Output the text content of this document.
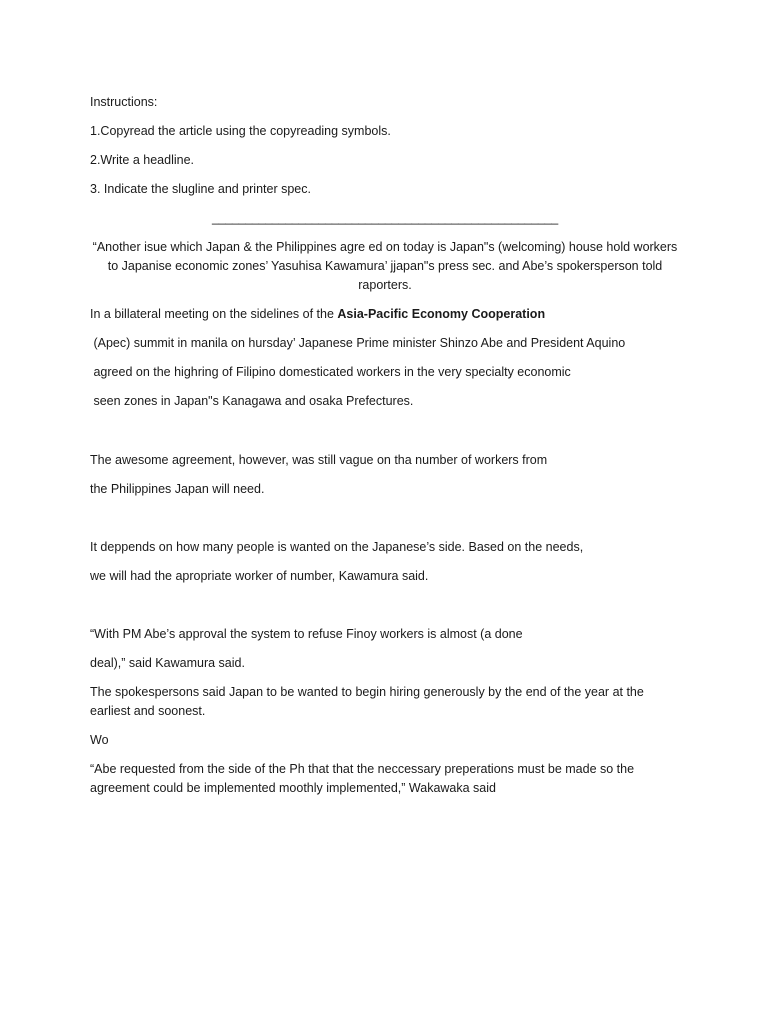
Instructions:

1.Copyread the article using the copyreading symbols.

2.Write a headline.

3. Indicate the slugline and printer spec.

____________________________________________________

“Another isue which Japan & the Philippines agre ed on today is Japan"s (welcoming) house hold workers to Japanise economic zones’ Yasuhisa Kawamura’ jjapan"s press sec. and Abe’s spokersperson told raporters.

In a billateral meeting on the sidelines of the Asia-Pacific Economy Cooperation

(Apec) summit in manila on hursday’ Japanese Prime minister Shinzo Abe and President Aquino

agreed on the highring of Filipino domesticated workers in the very specialty economic

seen zones in Japan"s Kanagawa and osaka Prefectures.

The awesome agreement, however, was still vague on tha number of workers from

the Philippines Japan will need.

It deppends on how many people is wanted on the Japanese’s side. Based on the needs,

we will had the apropriate worker of number, Kawamura said.

“With PM Abe’s approval the system to refuse Finoy workers is almost (a done

deal),” said Kawamura said.

The spokespersons said Japan to be wanted to begin hiring generously by the end of the year at the earliest and soonest.

Wo

“Abe requested from the side of the Ph that that the neccessary preperations must be made so the agreement could be implemented moothly implemented,” Wakawaka said
